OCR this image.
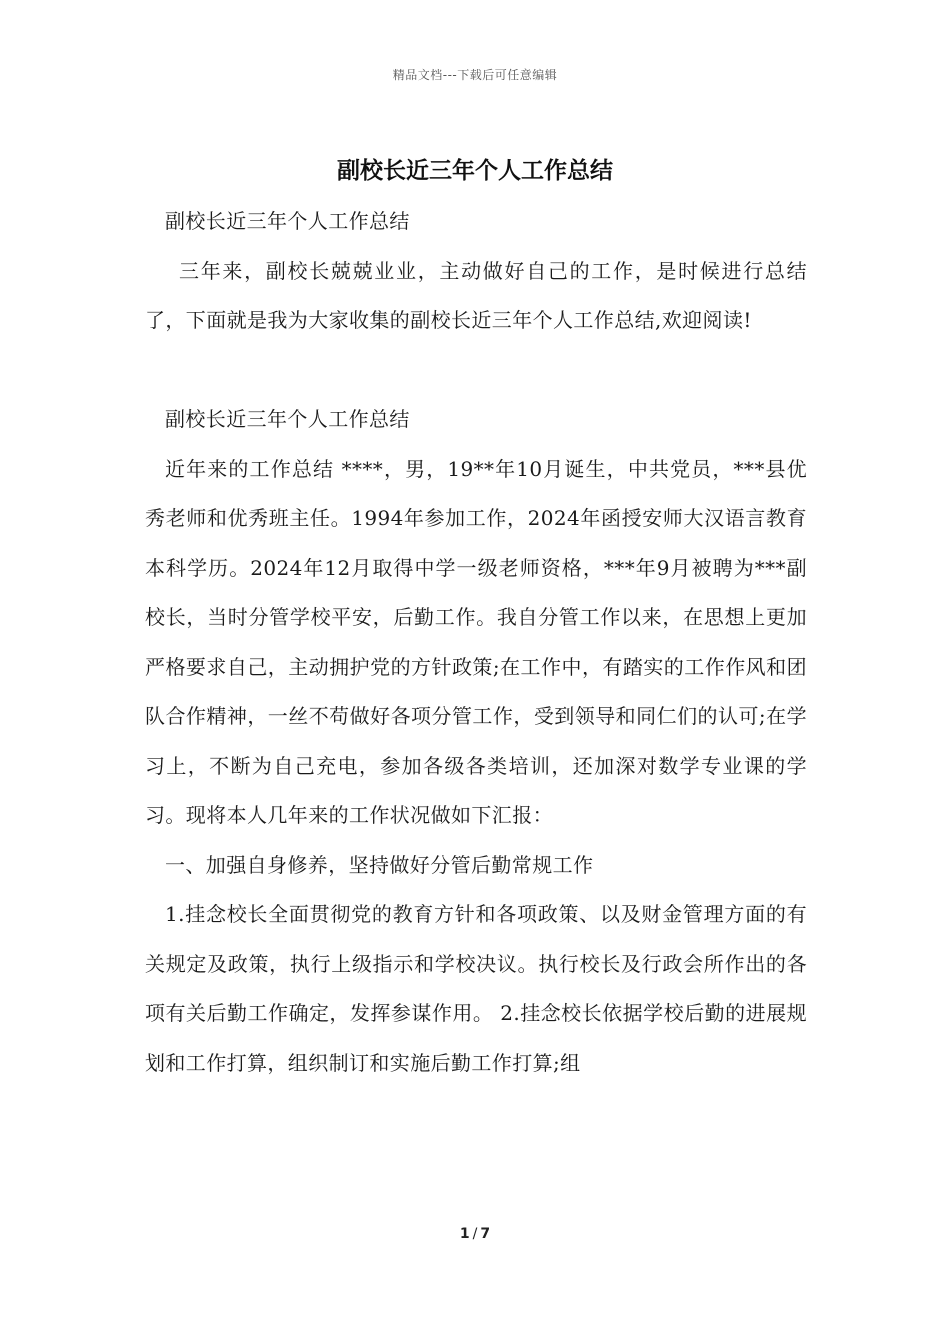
精品文档---下载后可任意编辑
副校长近三年个人工作总结

副校长近三年个人工作总结

三年来，副校长兢兢业业，主动做好自己的工作，是时候进行总结了，下面就是我为大家收集的副校长近三年个人工作总结,欢迎阅读!

副校长近三年个人工作总结

近年来的工作总结 ****，男，19**年10月诞生，中共党员，***县优秀老师和优秀班主任。1994年参加工作，2024年函授安师大汉语言教育本科学历。2024年12月取得中学一级老师资格，***年9月被聘为***副校长，当时分管学校平安，后勤工作。我自分管工作以来，在思想上更加严格要求自己，主动拥护党的方针政策;在工作中，有踏实的工作作风和团队合作精神，一丝不苟做好各项分管工作，受到领导和同仁们的认可;在学习上，不断为自己充电，参加各级各类培训，还加深对数学专业课的学习。现将本人几年来的工作状况做如下汇报：

一、加强自身修养，坚持做好分管后勤常规工作

1.挂念校长全面贯彻党的教育方针和各项政策、以及财金管理方面的有关规定及政策，执行上级指示和学校决议。执行校长及行政会所作出的各项有关后勤工作确定，发挥参谋作用。 2.挂念校长依据学校后勤的进展规划和工作打算，组织制订和实施后勤工作打算;组

1 / 7
